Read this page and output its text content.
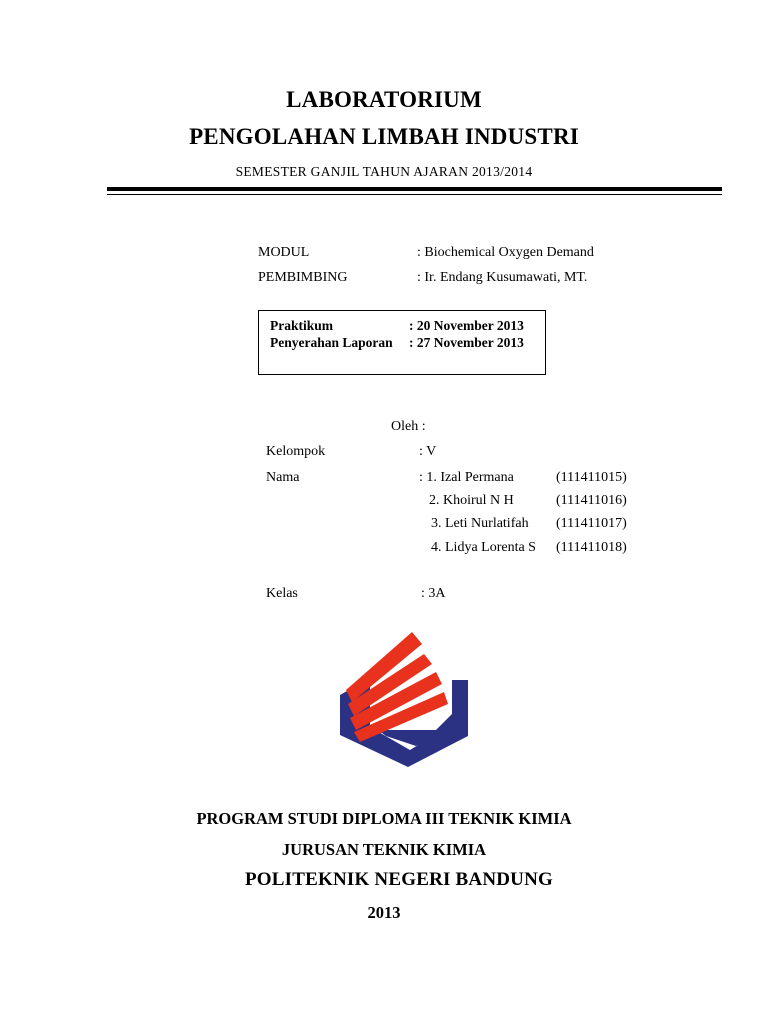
LABORATORIUM
PENGOLAHAN LIMBAH INDUSTRI
SEMESTER GANJIL TAHUN AJARAN 2013/2014
MODUL	: Biochemical Oxygen Demand
PEMBIMBING	: Ir. Endang Kusumawati, MT.
Praktikum	: 20 November 2013
Penyerahan Laporan : 27 November 2013
Oleh :
Kelompok	: V
Nama	: 1. Izal Permana	(111411015)
2. Khoirul N H	(111411016)
3. Leti Nurlatifah (111411017)
4. Lidya Lorenta S (111411018)
Kelas	: 3A
PROGRAM STUDI DIPLOMA III TEKNIK KIMIA
JURUSAN TEKNIK KIMIA
POLITEKNIK NEGERI BANDUNG
2013
